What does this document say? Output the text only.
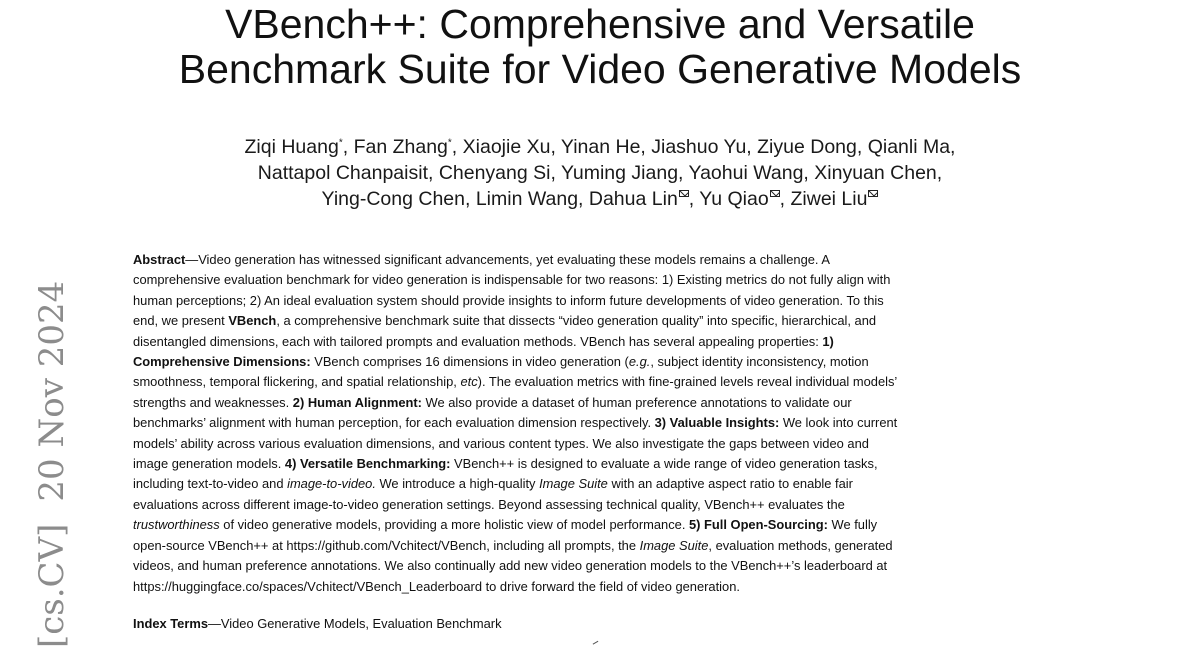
VBench++: Comprehensive and Versatile
Benchmark Suite for Video Generative Models
Ziqi Huang*, Fan Zhang*, Xiaojie Xu, Yinan He, Jiashuo Yu, Ziyue Dong, Qianli Ma,
Nattapol Chanpaisit, Chenyang Si, Yuming Jiang, Yaohui Wang, Xinyuan Chen,
Ying-Cong Chen, Limin Wang, Dahua Lin , Yu Qiao , Ziwei Liu
Abstract—Video generation has witnessed significant advancements, yet evaluating these models remains a challenge. A
comprehensive evaluation benchmark for video generation is indispensable for two reasons: 1) Existing metrics do not fully align with
human perceptions; 2) An ideal evaluation system should provide insights to inform future developments of video generation. To this
end, we present VBench, a comprehensive benchmark suite that dissects “video generation quality” into specific, hierarchical, and
disentangled dimensions, each with tailored prompts and evaluation methods. VBench has several appealing properties: 1)
Comprehensive Dimensions: VBench comprises 16 dimensions in video generation (e.g., subject identity inconsistency, motion
smoothness, temporal flickering, and spatial relationship, etc). The evaluation metrics with fine-grained levels reveal individual models’
strengths and weaknesses. 2) Human Alignment: We also provide a dataset of human preference annotations to validate our
benchmarks’ alignment with human perception, for each evaluation dimension respectively. 3) Valuable Insights: We look into current
models’ ability across various evaluation dimensions, and various content types. We also investigate the gaps between video and
image generation models. 4) Versatile Benchmarking: VBench++ is designed to evaluate a wide range of video generation tasks,
including text-to-video and image-to-video. We introduce a high-quality Image Suite with an adaptive aspect ratio to enable fair
evaluations across different image-to-video generation settings. Beyond assessing technical quality, VBench++ evaluates the
trustworthiness of video generative models, providing a more holistic view of model performance. 5) Full Open-Sourcing: We fully
open-source VBench++ at https://github.com/Vchitect/VBench, including all prompts, the Image Suite, evaluation methods, generated
videos, and human preference annotations. We also continually add new video generation models to the VBench++’s leaderboard at
https://huggingface.co/spaces/Vchitect/VBench_Leaderboard to drive forward the field of video generation.
Index Terms—Video Generative Models, Evaluation Benchmark
[cs.CV]20 Nov 2024
